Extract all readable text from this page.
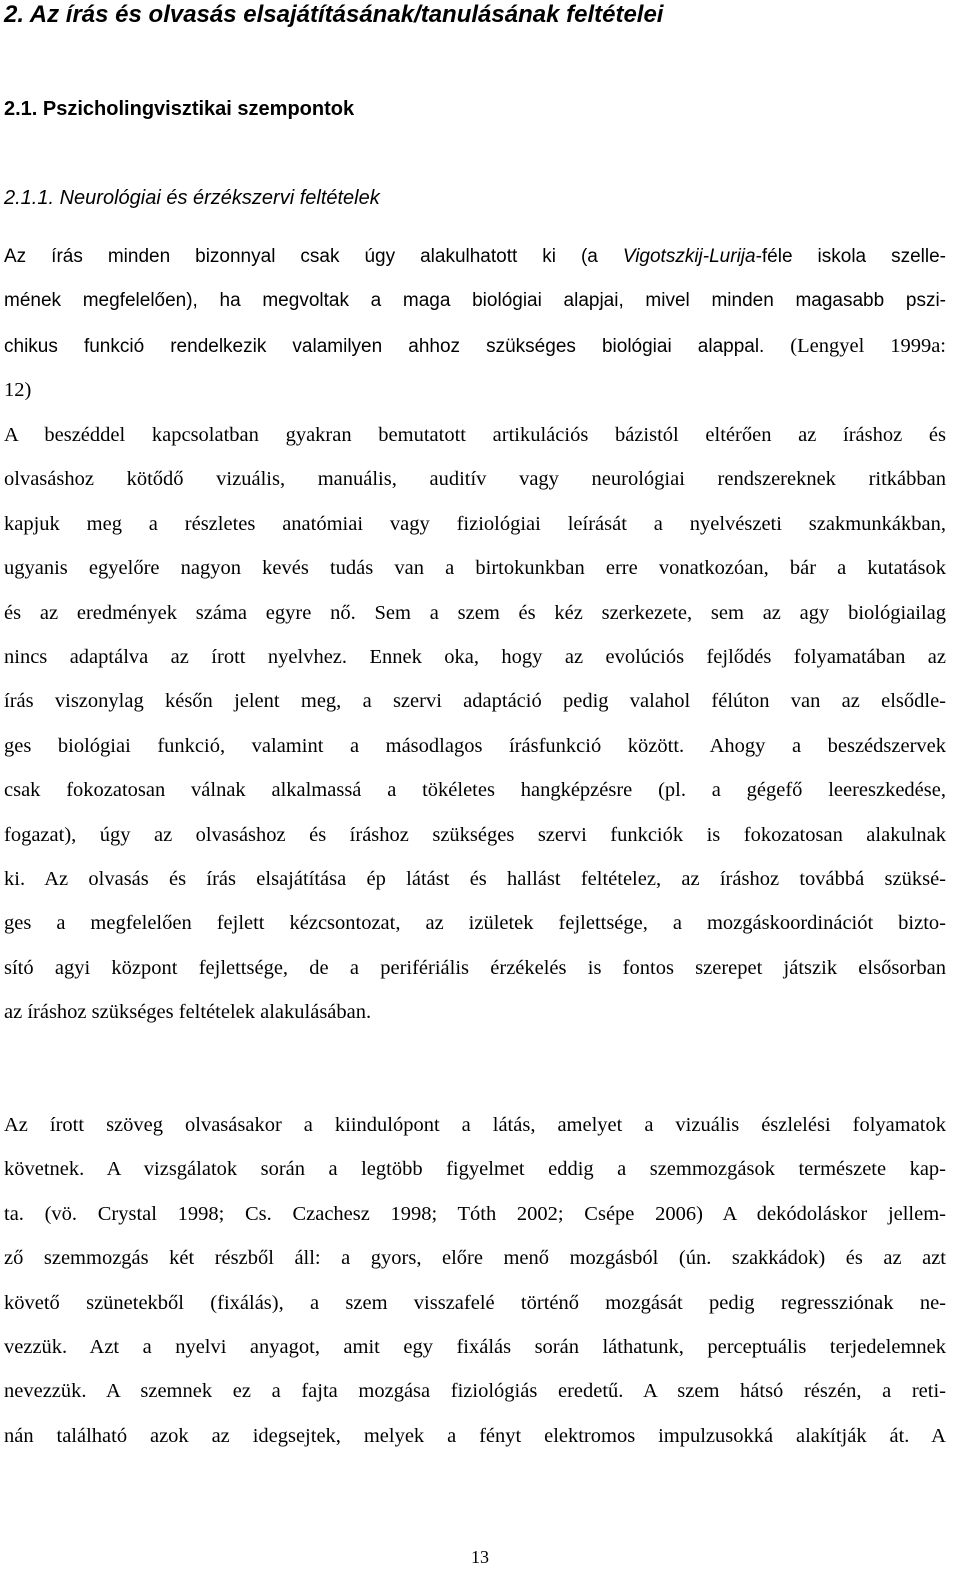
2. Az írás és olvasás elsajátításának/tanulásának feltételei
2.1. Pszicholingvisztikai szempontok
2.1.1. Neurológiai és érzékszervi feltételek
Az írás minden bizonnyal csak úgy alakulhatott ki (a Vigotszkij-Lurija-féle iskola szelle-
mének megfelelően), ha megvoltak a maga biológiai alapjai, mivel minden magasabb pszi-
chikus funkció rendelkezik valamilyen ahhoz szükséges biológiai alappal. (Lengyel 1999a:
12)
A beszéddel kapcsolatban gyakran bemutatott artikulációs bázistól eltérően az íráshoz és
olvasáshoz kötődő vizuális, manuális, auditív vagy neurológiai rendszereknek ritkábban
kapjuk meg a részletes anatómiai vagy fiziológiai leírását a nyelvészeti szakmunkákban,
ugyanis egyelőre nagyon kevés tudás van a birtokunkban erre vonatkozóan, bár a kutatások
és az eredmények száma egyre nő. Sem a szem és kéz szerkezete, sem az agy biológiailag
nincs adaptálva az írott nyelvhez. Ennek oka, hogy az evolúciós fejlődés folyamatában az
írás viszonylag későn jelent meg, a szervi adaptáció pedig valahol félúton van az elsődle-
ges biológiai funkció, valamint a másodlagos írásfunkció között. Ahogy a beszédszervek
csak fokozatosan válnak alkalmassá a tökéletes hangképzésre (pl. a gégefő leereszkedése,
fogazat), úgy az olvasáshoz és íráshoz szükséges szervi funkciók is fokozatosan alakulnak
ki. Az olvasás és írás elsajátítása ép látást és hallást feltételez, az íráshoz továbbá szüksé-
ges a megfelelően fejlett kézcsontozat, az izületek fejlettsége, a mozgáskoordinációt bizto-
sító agyi központ fejlettsége, de a perifériális érzékelés is fontos szerepet játszik elsősorban
az íráshoz szükséges feltételek alakulásában.
Az írott szöveg olvasásakor a kiindulópont a látás, amelyet a vizuális észlelési folyamatok
követnek. A vizsgálatok során a legtöbb figyelmet eddig a szemmozgások természete kap-
ta. (vö. Crystal 1998; Cs. Czachesz 1998; Tóth 2002; Csépe 2006) A dekódoláskor jellem-
ző szemmozgás két részből áll: a gyors, előre menő mozgásból (ún. szakkádok) és az azt
követő szünetekből (fixálás), a szem visszafelé történő mozgását pedig regressziónak ne-
vezzük. Azt a nyelvi anyagot, amit egy fixálás során láthatunk, perceptuális terjedelemnek
nevezzük. A szemnek ez a fajta mozgása fiziológiás eredetű. A szem hátsó részén, a reti-
nán található azok az idegsejtek, melyek a fényt elektromos impulzusokká alakítják át. A
13
